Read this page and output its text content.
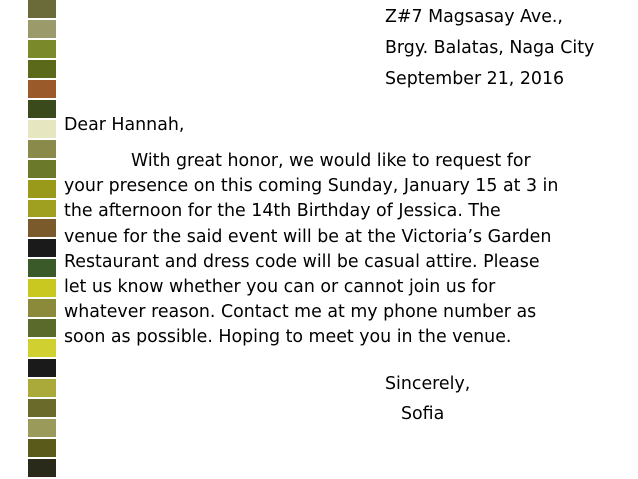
Z#7 Magsasay Ave.,
Brgy. Balatas, Naga City
September 21, 2016
Dear Hannah,
With great honor, we would like to request for
your presence on this coming Sunday, January 15 at 3 in
the afternoon for the 14th Birthday of Jessica. The
venue for the said event will be at the Victoria’s Garden
Restaurant and dress code will be casual attire. Please
let us know whether you can or cannot join us for
whatever reason. Contact me at my phone number as
soon as possible. Hoping to meet you in the venue.
Sincerely,
Sofia
